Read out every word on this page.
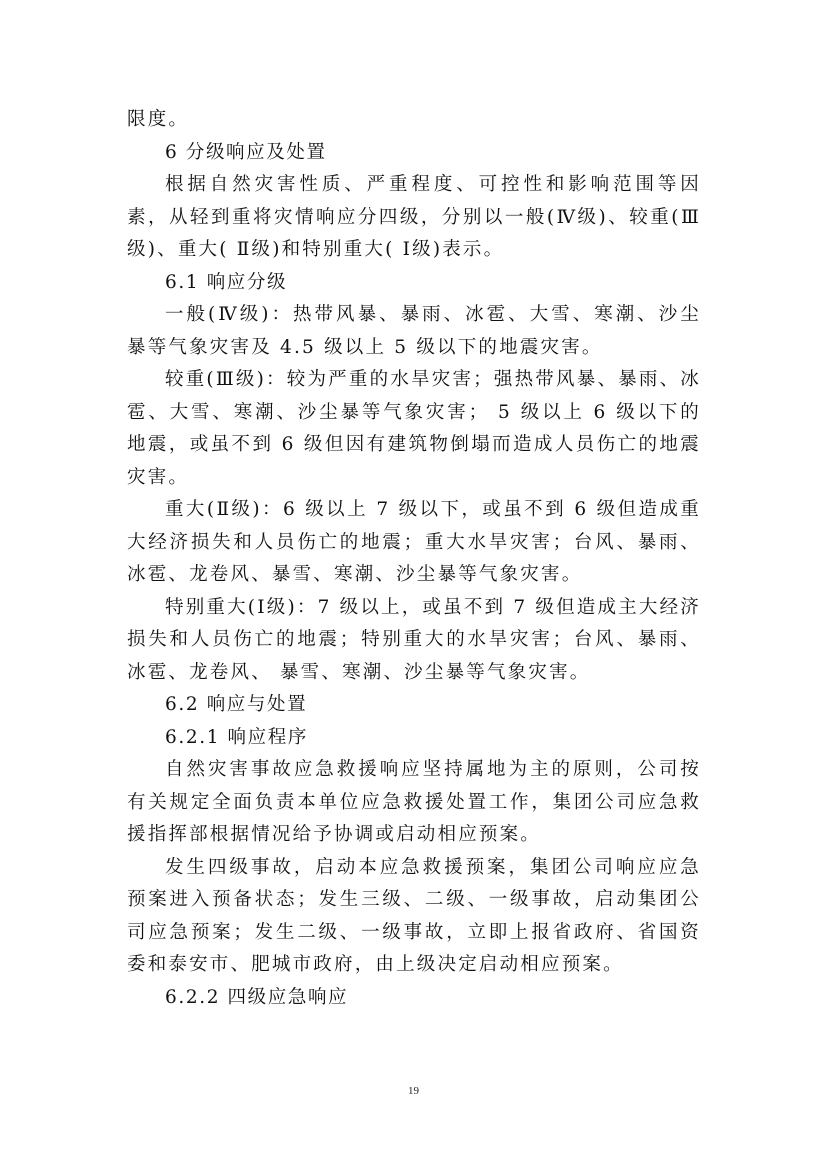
限度。

6 分级响应及处置

根据自然灾害性质、严重程度、可控性和影响范围等因素，从轻到重将灾情响应分四级，分别以一般(Ⅳ级)、较重(Ⅲ级)、重大( Ⅱ级)和特别重大( Ⅰ级)表示。

6.1 响应分级

一般(Ⅳ级)：热带风暴、暴雨、冰雹、大雪、寒潮、沙尘暴等气象灾害及 4.5 级以上 5 级以下的地震灾害。

较重(Ⅲ级)：较为严重的水旱灾害；强热带风暴、暴雨、冰雹、大雪、寒潮、沙尘暴等气象灾害； 5 级以上 6 级以下的地震，或虽不到 6 级但因有建筑物倒塌而造成人员伤亡的地震灾害。

重大(Ⅱ级)：6 级以上 7 级以下，或虽不到 6 级但造成重大经济损失和人员伤亡的地震；重大水旱灾害；台风、暴雨、冰雹、龙卷风、暴雪、寒潮、沙尘暴等气象灾害。

特别重大(Ⅰ级)：7 级以上，或虽不到 7 级但造成主大经济损失和人员伤亡的地震；特别重大的水旱灾害；台风、暴雨、冰雹、龙卷风、 暴雪、寒潮、沙尘暴等气象灾害。

6.2 响应与处置

6.2.1 响应程序

自然灾害事故应急救援响应坚持属地为主的原则，公司按有关规定全面负责本单位应急救援处置工作，集团公司应急救援指挥部根据情况给予协调或启动相应预案。

发生四级事故，启动本应急救援预案，集团公司响应应急预案进入预备状态；发生三级、二级、一级事故，启动集团公司应急预案；发生二级、一级事故，立即上报省政府、省国资委和泰安市、肥城市政府，由上级决定启动相应预案。

6.2.2 四级应急响应

19
